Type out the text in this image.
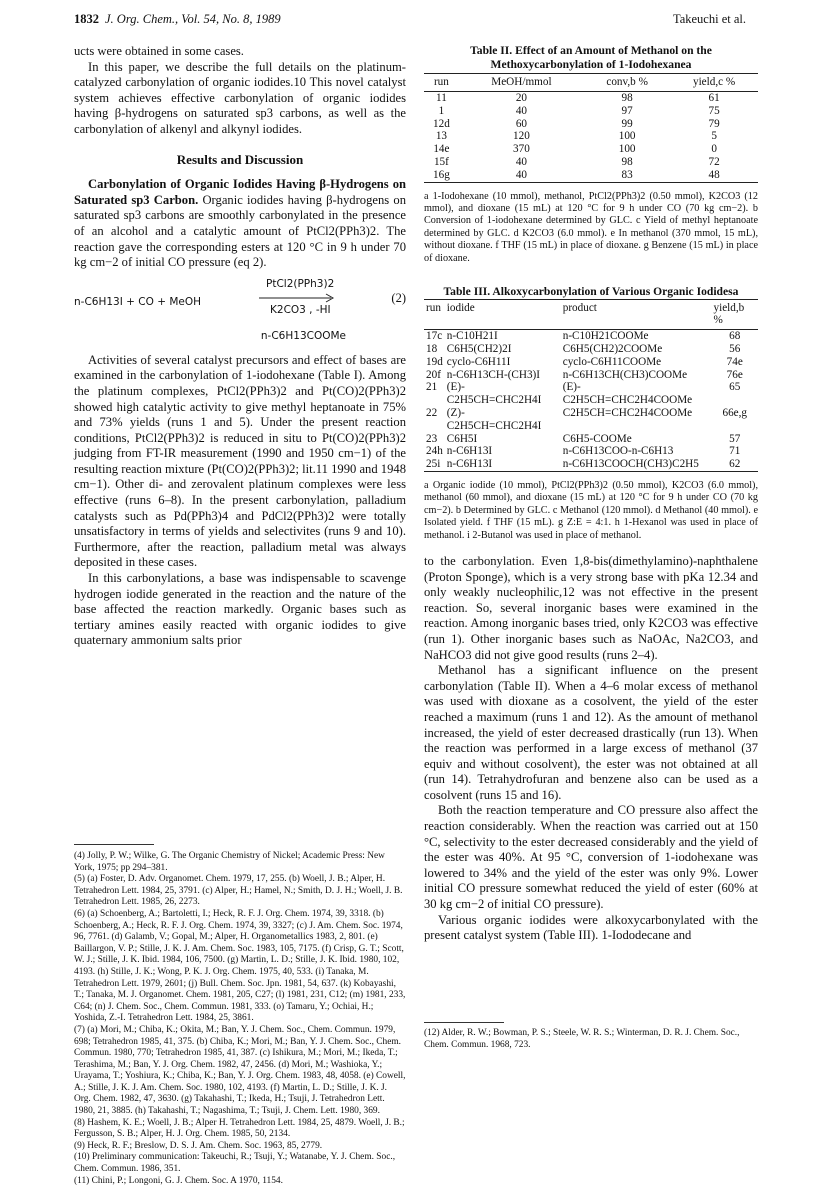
1832 J. Org. Chem., Vol. 54, No. 8, 1989	Takeuchi et al.

ucts were obtained in some cases.

In this paper, we describe the full details on the platinum-catalyzed carbonylation of organic iodides.10 This novel catalyst system achieves effective carbonylation of organic iodides having β-hydrogens on saturated sp3 carbons, as well as the carbonylation of alkenyl and alkynyl iodides.

Results and Discussion

Carbonylation of Organic Iodides Having β-Hydrogens on Saturated sp3 Carbon. Organic iodides having β-hydrogens on saturated sp3 carbons are smoothly carbonylated in the presence of an alcohol and a catalytic amount of PtCl2(PPh3)2. The reaction gave the corresponding esters at 120 °C in 9 h under 70 kg cm−2 of initial CO pressure (eq 2).

n-C6H13I + CO + MeOH
PtCl2(PPh3)2
K2CO3 , -HI
(2)
n-C6H13COOMe

Activities of several catalyst precursors and effect of bases are examined in the carbonylation of 1-iodohexane (Table I). Among the platinum complexes, PtCl2(PPh3)2 and Pt(CO)2(PPh3)2 showed high catalytic activity to give methyl heptanoate in 75% and 73% yields (runs 1 and 5). Under the present reaction conditions, PtCl2(PPh3)2 is reduced in situ to Pt(CO)2(PPh3)2 judging from FT-IR measurement (1990 and 1950 cm−1) of the resulting reaction mixture (Pt(CO)2(PPh3)2; lit.11 1990 and 1948 cm−1). Other di- and zerovalent platinum complexes were less effective (runs 6–8). In the present carbonylation, palladium catalysts such as Pd(PPh3)4 and PdCl2(PPh3)2 were totally unsatisfactory in terms of yields and selectivites (runs 9 and 10). Furthermore, after the reaction, palladium metal was always deposited in these cases.

In this carbonylations, a base was indispensable to scavenge hydrogen iodide generated in the reaction and the nature of the base affected the reaction markedly. Organic bases such as tertiary amines easily reacted with organic iodides to give quaternary ammonium salts prior

(4) Jolly, P. W.; Wilke, G. The Organic Chemistry of Nickel; Academic Press: New York, 1975; pp 294–381.

(5) (a) Foster, D. Adv. Organomet. Chem. 1979, 17, 255. (b) Woell, J. B.; Alper, H. Tetrahedron Lett. 1984, 25, 3791. (c) Alper, H.; Hamel, N.; Smith, D. J. H.; Woell, J. B. Tetrahedron Lett. 1985, 26, 2273.

(6) (a) Schoenberg, A.; Bartoletti, I.; Heck, R. F. J. Org. Chem. 1974, 39, 3318. (b) Schoenberg, A.; Heck, R. F. J. Org. Chem. 1974, 39, 3327; (c) J. Am. Chem. Soc. 1974, 96, 7761. (d) Galamb, V.; Gopal, M.; Alper, H. Organometallics 1983, 2, 801. (e) Baillargon, V. P.; Stille, J. K. J. Am. Chem. Soc. 1983, 105, 7175. (f) Crisp, G. T.; Scott, W. J.; Stille, J. K. Ibid. 1984, 106, 7500. (g) Martin, L. D.; Stille, J. K. Ibid. 1980, 102, 4193. (h) Stille, J. K.; Wong, P. K. J. Org. Chem. 1975, 40, 533. (i) Tanaka, M. Tetrahedron Lett. 1979, 2601; (j) Bull. Chem. Soc. Jpn. 1981, 54, 637. (k) Kobayashi, T.; Tanaka, M. J. Organomet. Chem. 1981, 205, C27; (l) 1981, 231, C12; (m) 1981, 233, C64; (n) J. Chem. Soc., Chem. Commun. 1981, 333. (o) Tamaru, Y.; Ochiai, H.; Yoshida, Z.-I. Tetrahedron Lett. 1984, 25, 3861.

(7) (a) Mori, M.; Chiba, K.; Okita, M.; Ban, Y. J. Chem. Soc., Chem. Commun. 1979, 698; Tetrahedron 1985, 41, 375. (b) Chiba, K.; Mori, M.; Ban, Y. J. Chem. Soc., Chem. Commun. 1980, 770; Tetrahedron 1985, 41, 387. (c) Ishikura, M.; Mori, M.; Ikeda, T.; Terashima, M.; Ban, Y. J. Org. Chem. 1982, 47, 2456. (d) Mori, M.; Washioka, Y.; Urayama, T.; Yoshiura, K.; Chiba, K.; Ban, Y. J. Org. Chem. 1983, 48, 4058. (e) Cowell, A.; Stille, J. K. J. Am. Chem. Soc. 1980, 102, 4193. (f) Martin, L. D.; Stille, J. K. J. Org. Chem. 1982, 47, 3630. (g) Takahashi, T.; Ikeda, H.; Tsuji, J. Tetrahedron Lett. 1980, 21, 3885. (h) Takahashi, T.; Nagashima, T.; Tsuji, J. Chem. Lett. 1980, 369.

(8) Hashem, K. E.; Woell, J. B.; Alper H. Tetrahedron Lett. 1984, 25, 4879. Woell, J. B.; Fergusson, S. B.; Alper, H. J. Org. Chem. 1985, 50, 2134.

(9) Heck, R. F.; Breslow, D. S. J. Am. Chem. Soc. 1963, 85, 2779.

(10) Preliminary communication: Takeuchi, R.; Tsuji, Y.; Watanabe, Y. J. Chem. Soc., Chem. Commun. 1986, 351.

(11) Chini, P.; Longoni, G. J. Chem. Soc. A 1970, 1154.

Table II. Effect of an Amount of Methanol on the Methoxycarbonylation of 1-Iodohexanea
run	MeOH/mmol	conv,b %	yield,c %
11	20	98	61
1	40	97	75
12d	60	99	79
13	120	100	5
14e	370	100	0
15f	40	98	72
16g	40	83	48
a 1-Iodohexane (10 mmol), methanol, PtCl2(PPh3)2 (0.50 mmol), K2CO3 (12 mmol), and dioxane (15 mL) at 120 °C for 9 h under CO (70 kg cm−2). b Conversion of 1-iodohexane determined by GLC. c Yield of methyl heptanoate determined by GLC. d K2CO3 (6.0 mmol). e In methanol (370 mmol, 15 mL), without dioxane. f THF (15 mL) in place of dioxane. g Benzene (15 mL) in place of dioxane.
Table III. Alkoxycarbonylation of Various Organic Iodidesa
run	iodide	product	yield,b %
17c	n-C10H21I	n-C10H21COOMe	68
18	C6H5(CH2)2I	C6H5(CH2)2COOMe	56
19d	cyclo-C6H11I	cyclo-C6H11COOMe	74e
20f	n-C6H13CH-(CH3)I	n-C6H13CH(CH3)COOMe	76e
21	(E)-C2H5CH=CHC2H4I	(E)-C2H5CH=CHC2H4COOMe	65
22	(Z)-C2H5CH=CHC2H4I	C2H5CH=CHC2H4COOMe	66e,g
23	C6H5I	C6H5-COOMe	57
24h	n-C6H13I	n-C6H13COO-n-C6H13	71
25i	n-C6H13I	n-C6H13COOCH(CH3)C2H5	62
a Organic iodide (10 mmol), PtCl2(PPh3)2 (0.50 mmol), K2CO3 (6.0 mmol), methanol (60 mmol), and dioxane (15 mL) at 120 °C for 9 h under CO (70 kg cm−2). b Determined by GLC. c Methanol (120 mmol). d Methanol (40 mmol). e Isolated yield. f THF (15 mL). g Z:E = 4:1. h 1-Hexanol was used in place of methanol. i 2-Butanol was used in place of methanol.

to the carbonylation. Even 1,8-bis(dimethylamino)-naphthalene (Proton Sponge), which is a very strong base with pKa 12.34 and only weakly nucleophilic,12 was not effective in the present reaction. So, several inorganic bases were examined in the reaction. Among inorganic bases tried, only K2CO3 was effective (run 1). Other inorganic bases such as NaOAc, Na2CO3, and NaHCO3 did not give good results (runs 2–4).

Methanol has a significant influence on the present carbonylation (Table II). When a 4–6 molar excess of methanol was used with dioxane as a cosolvent, the yield of the ester reached a maximum (runs 1 and 12). As the amount of methanol increased, the yield of ester decreased drastically (run 13). When the reaction was performed in a large excess of methanol (37 equiv and without cosolvent), the ester was not obtained at all (run 14). Tetrahydrofuran and benzene also can be used as a cosolvent (runs 15 and 16).

Both the reaction temperature and CO pressure also affect the reaction considerably. When the reaction was carried out at 150 °C, selectivity to the ester decreased considerably and the yield of the ester was 40%. At 95 °C, conversion of 1-iodohexane was lowered to 34% and the yield of the ester was only 9%. Lower initial CO pressure somewhat reduced the yield of ester (60% at 30 kg cm−2 of initial CO pressure).

Various organic iodides were alkoxycarbonylated with the present catalyst system (Table III). 1-Iododecane and

(12) Alder, R. W.; Bowman, P. S.; Steele, W. R. S.; Winterman, D. R. J. Chem. Soc., Chem. Commun. 1968, 723.
